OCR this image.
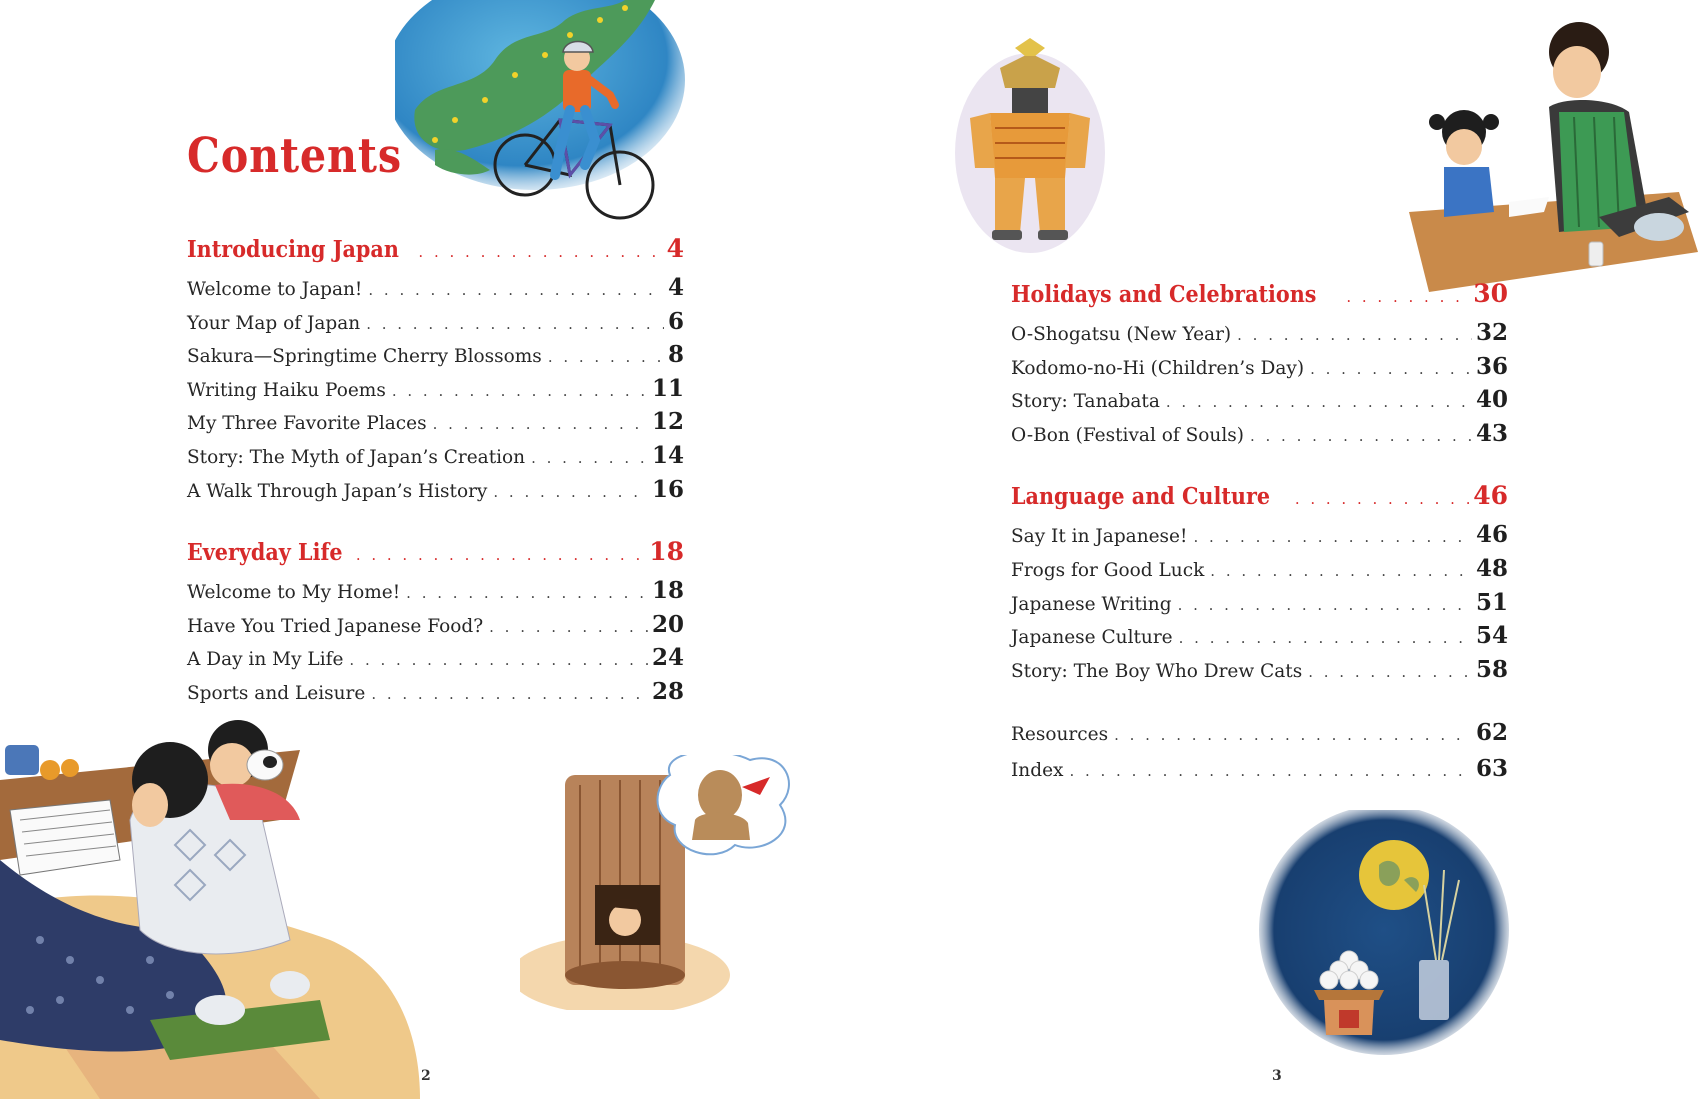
Contents
Introducing Japan . . .	4
Welcome to Japan! . . .	4
Your Map of Japan . . .	6
Sakura—Springtime Cherry Blossoms . . .	8
Writing Haiku Poems . . .	11
My Three Favorite Places . . .	12
Story: The Myth of Japan’s Creation . . .	14
A Walk Through Japan’s History . . .	16
Everyday Life . . .	18
Welcome to My Home! . . .	18
Have You Tried Japanese Food? . . .	20
A Day in My Life . . .	24
Sports and Leisure . . .	28
2
Holidays and Celebrations . . .	30
O-Shogatsu (New Year) . . .	32
Kodomo-no-Hi (Children’s Day) . . .	36
Story: Tanabata . . .	40
O-Bon (Festival of Souls) . . .	43
Language and Culture . . .	46
Say It in Japanese! . . .	46
Frogs for Good Luck . . .	48
Japanese Writing . . .	51
Japanese Culture . . .	54
Story: The Boy Who Drew Cats . . .	58
Resources . . .	62
Index . . .	63
3
